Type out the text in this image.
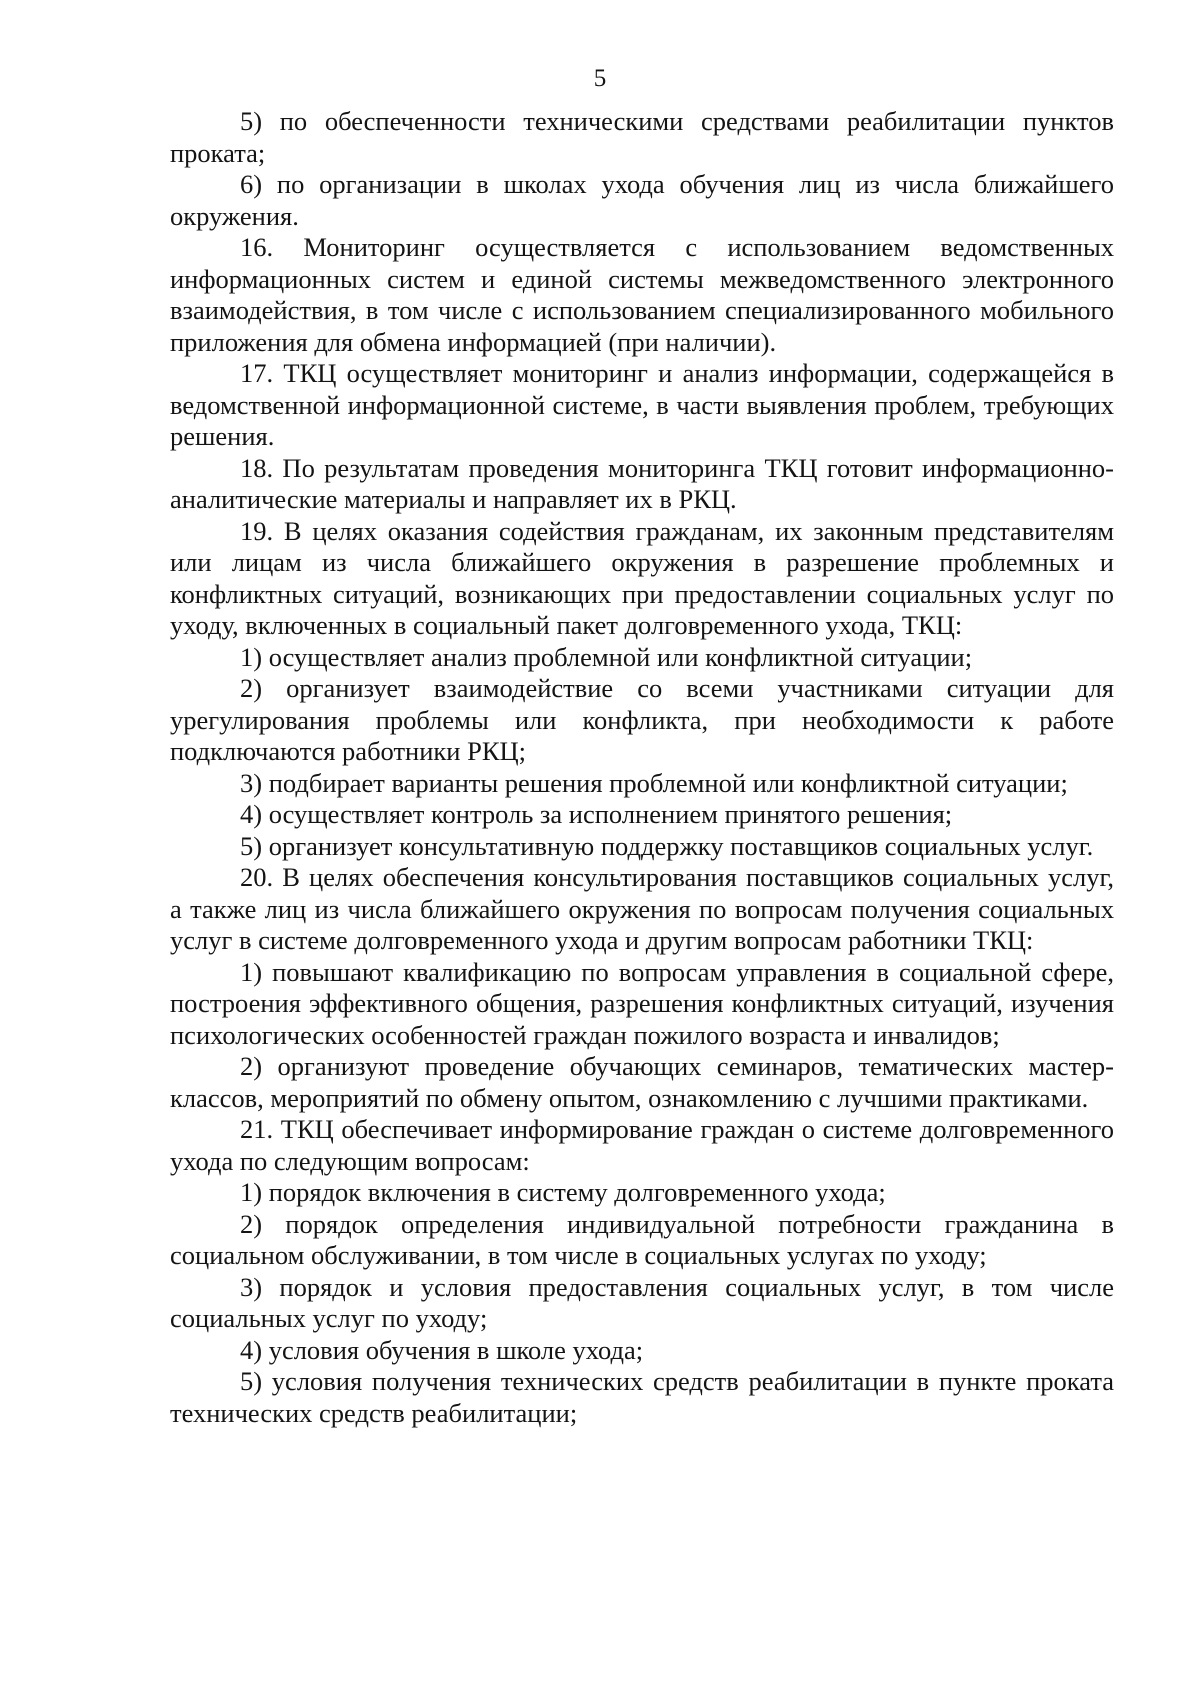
5

5) по обеспеченности техническими средствами реабилитации пунктов проката;

6) по организации в школах ухода обучения лиц из числа ближайшего окружения.

16. Мониторинг осуществляется с использованием ведомственных информационных систем и единой системы межведомственного электронного взаимодействия, в том числе с использованием специализированного мобильного приложения для обмена информацией (при наличии).

17. ТКЦ осуществляет мониторинг и анализ информации, содержащейся в ведомственной информационной системе, в части выявления проблем, требующих решения.

18. По результатам проведения мониторинга ТКЦ готовит информационно-аналитические материалы и направляет их в РКЦ.

19. В целях оказания содействия гражданам, их законным представителям или лицам из числа ближайшего окружения в разрешение проблемных и конфликтных ситуаций, возникающих при предоставлении социальных услуг по уходу, включенных в социальный пакет долговременного ухода, ТКЦ:

1) осуществляет анализ проблемной или конфликтной ситуации;

2) организует взаимодействие со всеми участниками ситуации для урегулирования проблемы или конфликта, при необходимости к работе подключаются работники РКЦ;

3) подбирает варианты решения проблемной или конфликтной ситуации;

4) осуществляет контроль за исполнением принятого решения;

5) организует консультативную поддержку поставщиков социальных услуг.

20. В целях обеспечения консультирования поставщиков социальных услуг, а также лиц из числа ближайшего окружения по вопросам получения социальных услуг в системе долговременного ухода и другим вопросам работники ТКЦ:

1) повышают квалификацию по вопросам управления в социальной сфере, построения эффективного общения, разрешения конфликтных ситуаций, изучения психологических особенностей граждан пожилого возраста и инвалидов;

2) организуют проведение обучающих семинаров, тематических мастер-классов, мероприятий по обмену опытом, ознакомлению с лучшими практиками.

21. ТКЦ обеспечивает информирование граждан о системе долговременного ухода по следующим вопросам:

1) порядок включения в систему долговременного ухода;

2) порядок определения индивидуальной потребности гражданина в социальном обслуживании, в том числе в социальных услугах по уходу;

3) порядок и условия предоставления социальных услуг, в том числе социальных услуг по уходу;

4) условия обучения в школе ухода;

5) условия получения технических средств реабилитации в пункте проката технических средств реабилитации;
